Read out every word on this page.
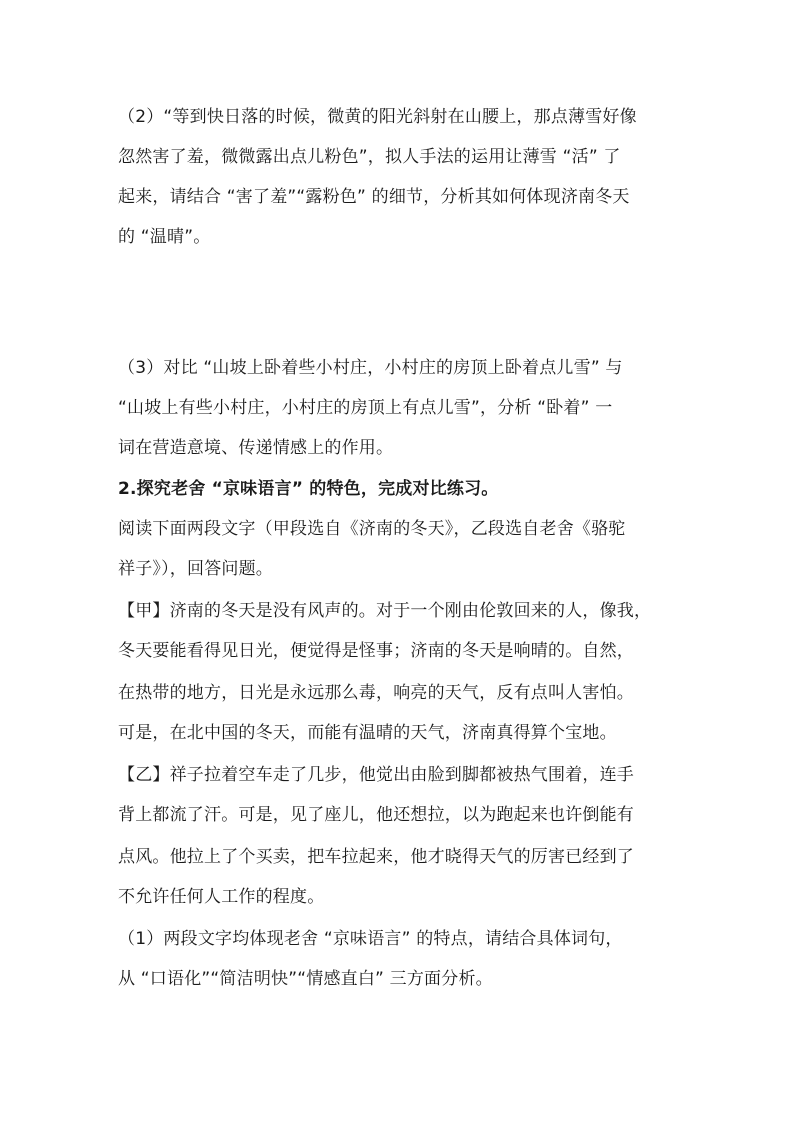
（2）“等到快日落的时候，微黄的阳光斜射在山腰上，那点薄雪好像
忽然害了羞，微微露出点儿粉色”，拟人手法的运用让薄雪 “活” 了
起来，请结合 “害了羞”“露粉色” 的细节，分析其如何体现济南冬天
的 “温晴”。
（3）对比 “山坡上卧着些小村庄，小村庄的房顶上卧着点儿雪” 与
“山坡上有些小村庄，小村庄的房顶上有点儿雪”，分析 “卧着” 一
词在营造意境、传递情感上的作用。
2.探究老舍 “京味语言” 的特色，完成对比练习。
阅读下面两段文字（甲段选自《济南的冬天》，乙段选自老舍《骆驼
祥子》），回答问题。
【甲】济南的冬天是没有风声的。对于一个刚由伦敦回来的人，像我，
冬天要能看得见日光，便觉得是怪事；济南的冬天是响晴的。自然，
在热带的地方，日光是永远那么毒，响亮的天气，反有点叫人害怕。
可是，在北中国的冬天，而能有温晴的天气，济南真得算个宝地。
【乙】祥子拉着空车走了几步，他觉出由脸到脚都被热气围着，连手
背上都流了汗。可是，见了座儿，他还想拉，以为跑起来也许倒能有
点风。他拉上了个买卖，把车拉起来，他才晓得天气的厉害已经到了
不允许任何人工作的程度。
（1）两段文字均体现老舍 “京味语言” 的特点，请结合具体词句，
从 “口语化”“简洁明快”“情感直白” 三方面分析。
